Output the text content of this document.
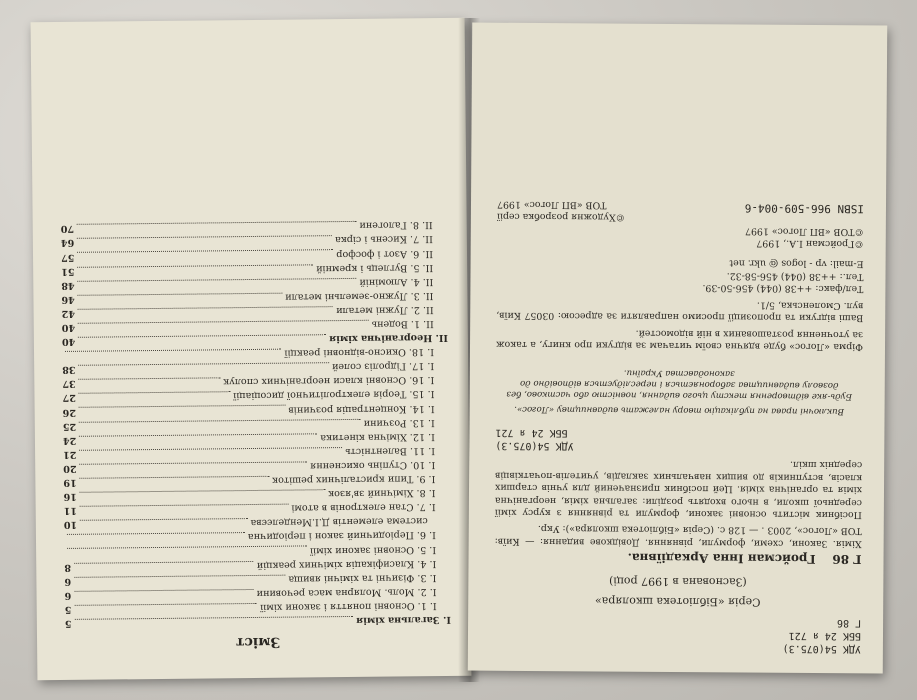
Зміст
І. Загальна хімія
5
І. 1. Основні поняття і закони хімії
5
І. 2. Моль. Молярна маса речовини
6
І. 3. Фізичні та хімічні явища
6
І. 4. Класифікація хімічних реакцій
8
І. 5. Основні закони хімії
І. 6. Періодичний закон і періодична
система елементів Д.І.Менделєєва
10
І. 7. Стан електронів в атомі
11
І. 8. Хімічний зв'язок
16
І. 9. Типи кристалічних решіток
19
І. 10. Ступінь окиснення
20
І. 11. Валентність
21
І. 12. Хімічна кінетика
24
І. 13. Розчини
25
І. 14. Концентрація розчинів
26
І. 15. Теорія електролітичної дисоціації
27
І. 16. Основні класи неорганічних сполук
37
І. 17. Гідроліз солей
38
І. 18. Окисно-відновні реакції
ІІ. Неорганічна хімія
40
ІІ. 1. Водень
40
ІІ. 2. Лужні метали
42
ІІ. 3. Лужно-земельні метали
46
ІІ. 4. Алюміній
48
ІІ. 5. Вуглець і кремній
51
ІІ. 6. Азот і фосфор
57
ІІ. 7. Кисень і сірка
64
ІІ. 8. Галогени
70
УДК 54(075.3)
ББК 24 я 721
Г 86
Серія «Бібліотека школяра»
(Заснована в 1997 році)
Г 86    Гройсман Інна Аркадіївна.

Хімія. Закони, схеми, формули, рівняння. Довідкове видання: — Київ: ТОВ «Логос», 2003 . — 128 с. (Серія «Бібліотека школяра»): Укр.

Посібник містить основні закони, формули та рівняння з курсу хімії середньої школи, в нього входять розділи: загальна хімія, неорганічна хімія та органічна хімія. Цей посібник призначений для учнів старших класів, вступників до вищих навчальних закладів, учителів-початківців середніх шкіл.

УДК 54(075.3)
ББК 24 я 721

Виключні права на публікацію твору належать видавництву «Логос».

Будь-яке відтворення тексту цього видання, повністю або частково, без дозволу видавництва забороняється і переслідується відповідно до законодавства України.

Фірма «Логос» буде вдячна своїм читачам за відгуки про книгу, а також за уточнення розташованих в ній відомостей.

Ваші відгуки та пропозиції просимо направляти за адресою: 03057 Київ, вул. Смоленська, 5/1.

Тел/факс: ++38 (044) 456-50-39.
Тел.: ++38 (044) 456-58-32.
E-mail: vp - logos @ ukr. net
©Гройсман І.А., 1997
©ТОВ «ВП Логос» 1997
ISBN 966-509-004-6
©Художня розробка серії
ТОВ «ВП Логос» 1997
